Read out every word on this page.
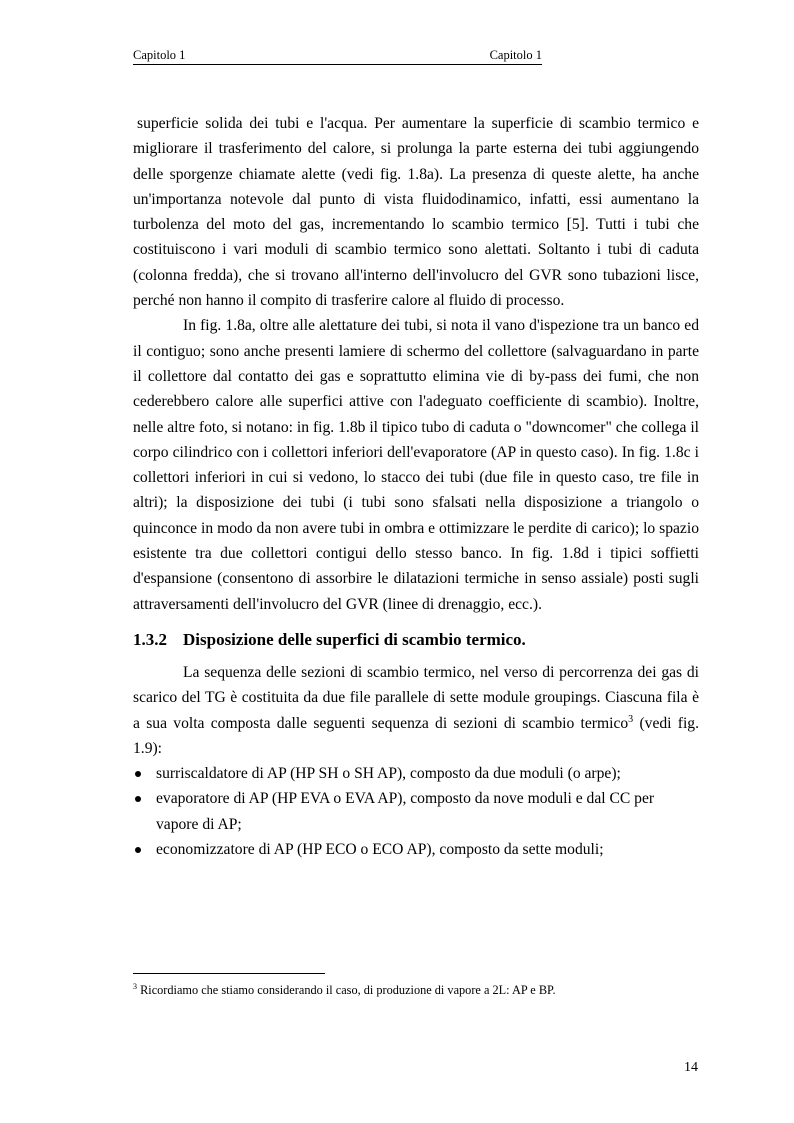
Capitolo 1	Capitolo 1

superficie solida dei tubi e l'acqua. Per aumentare la superficie di scambio termico e migliorare il trasferimento del calore, si prolunga la parte esterna dei tubi aggiungendo delle sporgenze chiamate alette (vedi fig. 1.8a). La presenza di queste alette, ha anche un'importanza notevole dal punto di vista fluidodinamico, infatti, essi aumentano la turbolenza del moto del gas, incrementando lo scambio termico [5]. Tutti i tubi che costituiscono i vari moduli di scambio termico sono alettati. Soltanto i tubi di caduta (colonna fredda), che si trovano all'interno dell'involucro del GVR sono tubazioni lisce, perché non hanno il compito di trasferire calore al fluido di processo.

In fig. 1.8a, oltre alle alettature dei tubi, si nota il vano d'ispezione tra un banco ed il contiguo; sono anche presenti lamiere di schermo del collettore (salvaguardano in parte il collettore dal contatto dei gas e soprattutto elimina vie di by-pass dei fumi, che non cederebbero calore alle superfici attive con l'adeguato coefficiente di scambio). Inoltre, nelle altre foto, si notano: in fig. 1.8b il tipico tubo di caduta o "downcomer" che collega il corpo cilindrico con i collettori inferiori dell'evaporatore (AP in questo caso). In fig. 1.8c i collettori inferiori in cui si vedono, lo stacco dei tubi (due file in questo caso, tre file in altri); la disposizione dei tubi (i tubi sono sfalsati nella disposizione a triangolo o quinconce in modo da non avere tubi in ombra e ottimizzare le perdite di carico); lo spazio esistente tra due collettori contigui dello stesso banco. In fig. 1.8d i tipici soffietti d'espansione (consentono di assorbire le dilatazioni termiche in senso assiale) posti sugli attraversamenti dell'involucro del GVR (linee di drenaggio, ecc.).

1.3.2 Disposizione delle superfici di scambio termico.

La sequenza delle sezioni di scambio termico, nel verso di percorrenza dei gas di scarico del TG è costituita da due file parallele di sette module groupings. Ciascuna fila è a sua volta composta dalle seguenti sequenza di sezioni di scambio termico$^3$ (vedi fig. 1.9):

surriscaldatore di AP (HP SH o SH AP), composto da due moduli (o arpe);
evaporatore di AP (HP EVA o EVA AP), composto da nove moduli e dal CC per vapore di AP;
economizzatore di AP (HP ECO o ECO AP), composto da sette moduli;
$^3$ Ricordiamo che stiamo considerando il caso, di produzione di vapore a 2L: AP e BP.
14
